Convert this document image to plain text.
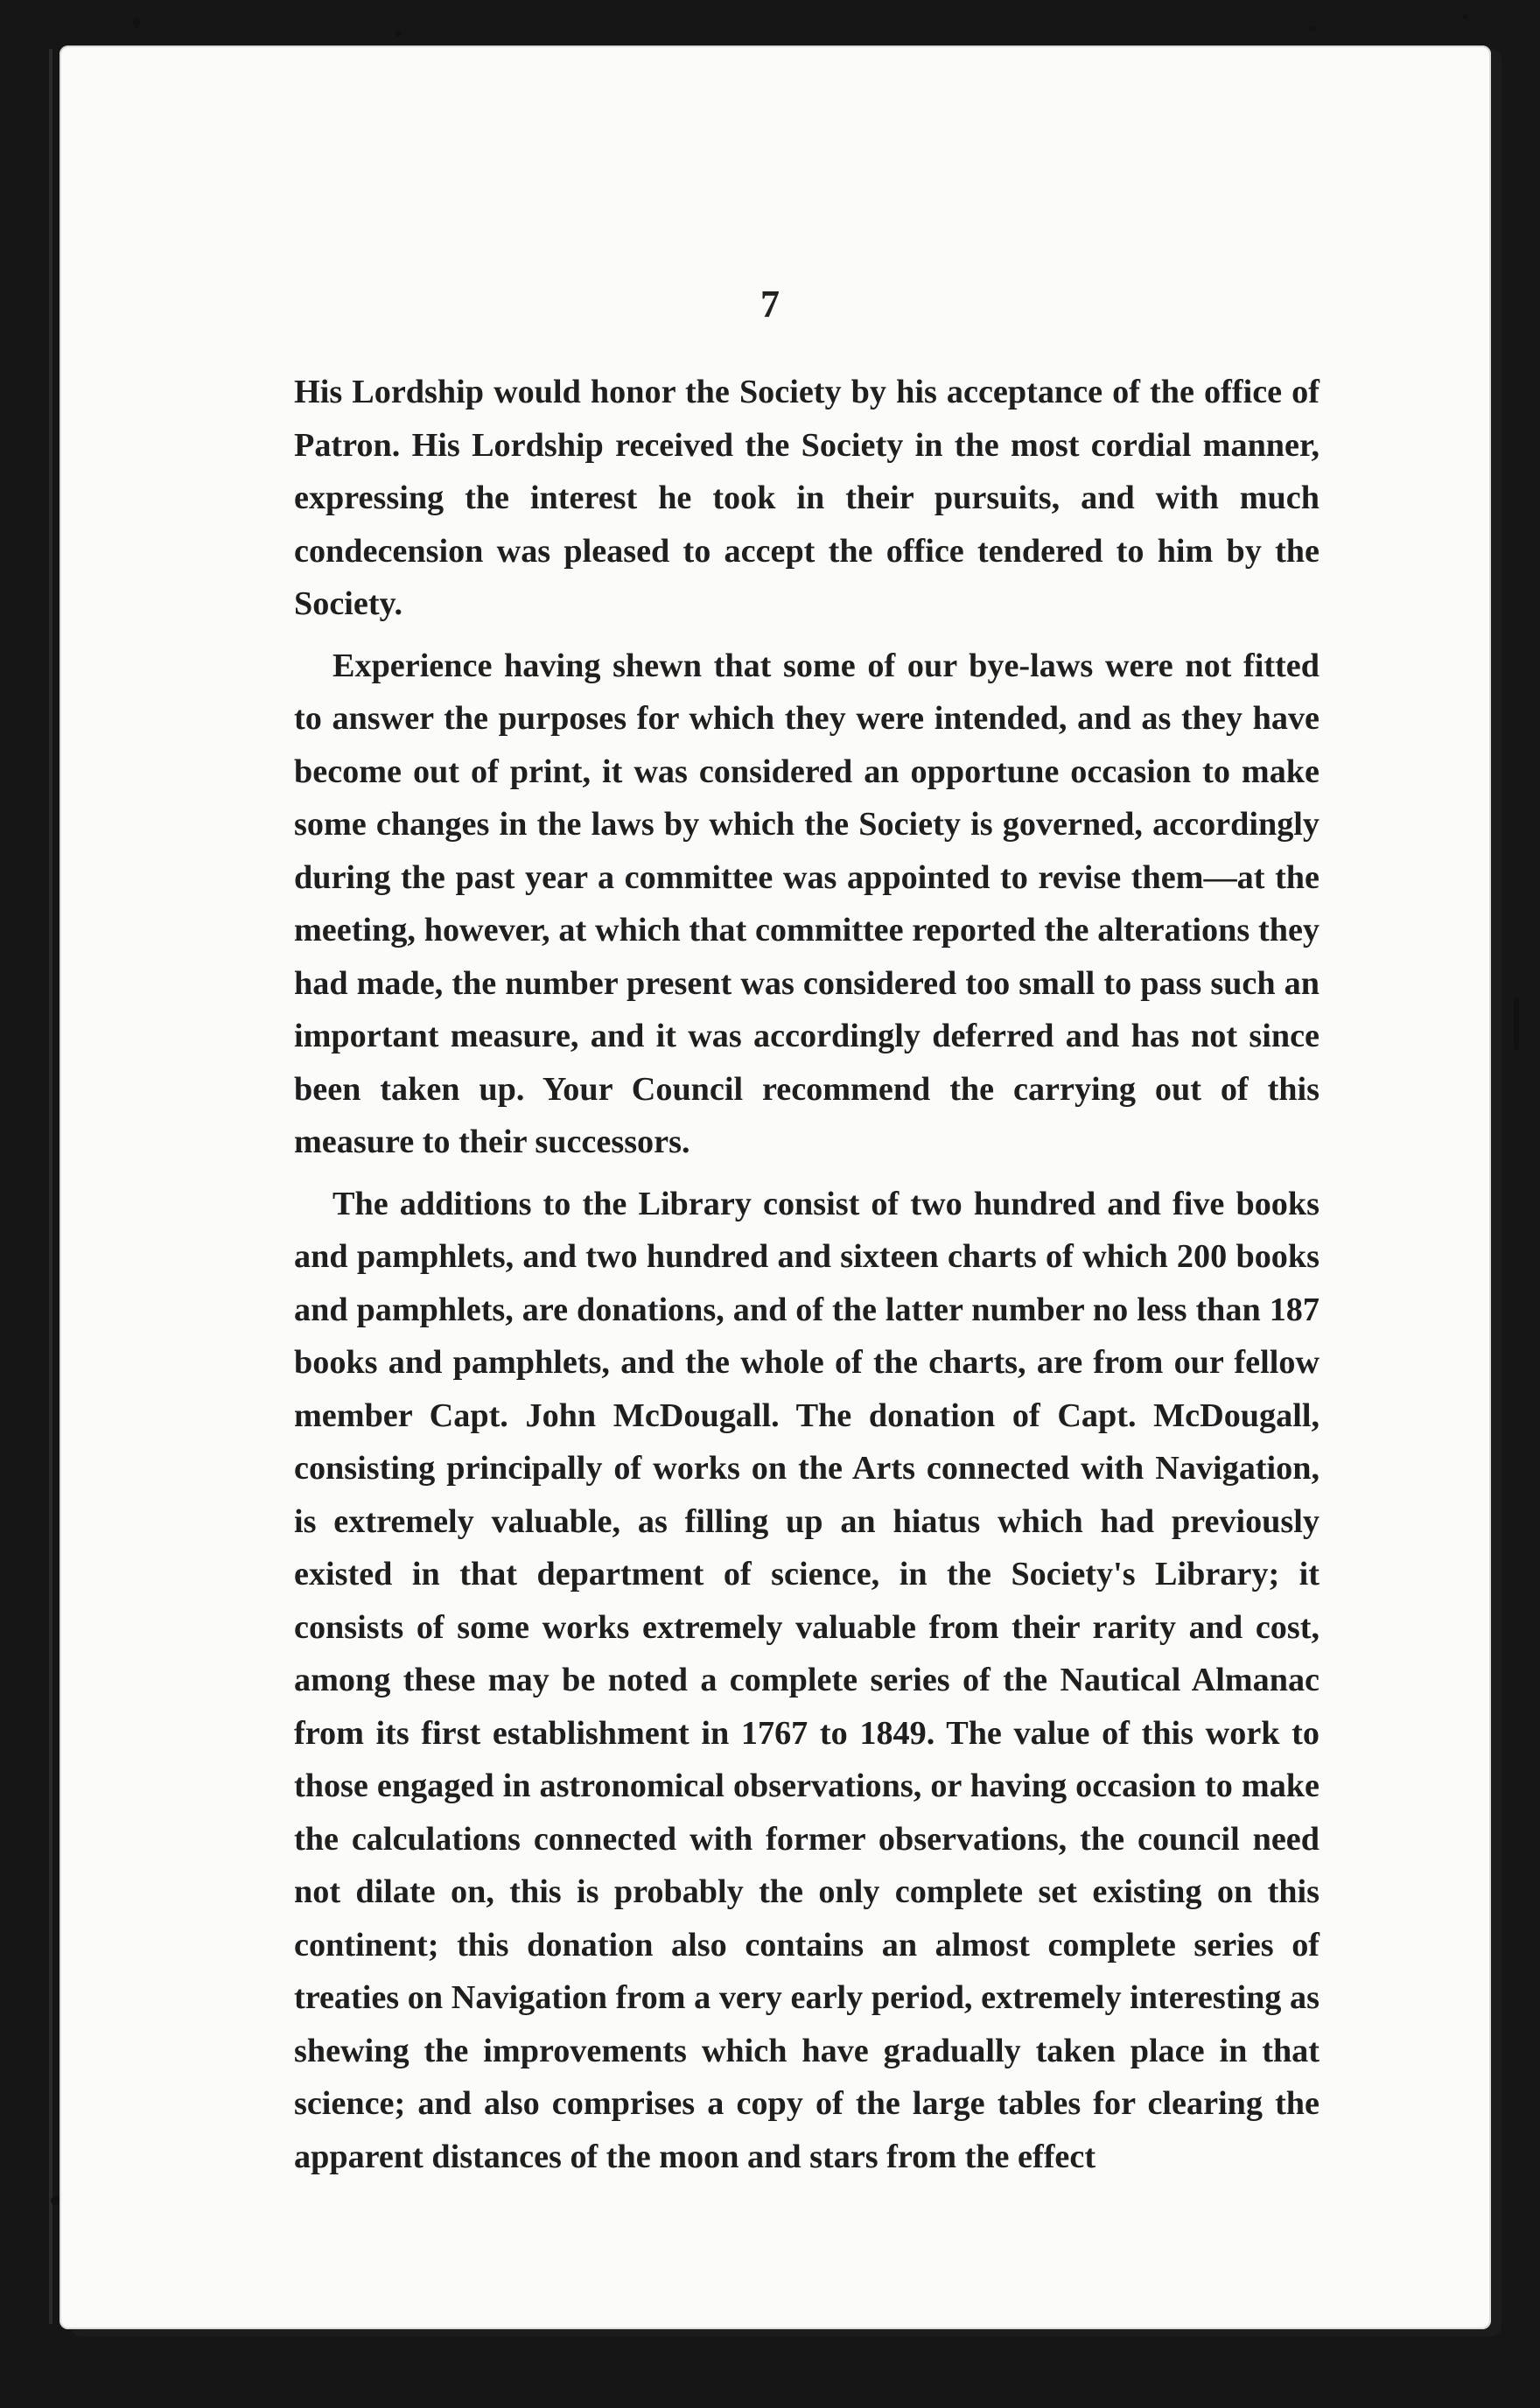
7

His Lordship would honor the Society by his acceptance of the office of Patron. His Lordship received the Society in the most cordial manner, expressing the interest he took in their pursuits, and with much condecension was pleased to accept the office tendered to him by the Society.

Experience having shewn that some of our bye-laws were not fitted to answer the purposes for which they were intended, and as they have become out of print, it was considered an opportune occasion to make some changes in the laws by which the Society is governed, accordingly during the past year a committee was appointed to revise them—at the meeting, however, at which that committee reported the alterations they had made, the number present was considered too small to pass such an important measure, and it was accordingly deferred and has not since been taken up. Your Council recommend the carrying out of this measure to their successors.

The additions to the Library consist of two hundred and five books and pamphlets, and two hundred and sixteen charts of which 200 books and pamphlets, are donations, and of the latter number no less than 187 books and pamphlets, and the whole of the charts, are from our fellow member Capt. John McDougall. The donation of Capt. McDougall, consisting principally of works on the Arts connected with Navigation, is extremely valuable, as filling up an hiatus which had previously existed in that department of science, in the Society's Library; it consists of some works extremely valuable from their rarity and cost, among these may be noted a complete series of the Nautical Almanac from its first establishment in 1767 to 1849. The value of this work to those engaged in astronomical observations, or having occasion to make the calculations connected with former observations, the council need not dilate on, this is probably the only complete set existing on this continent; this donation also contains an almost complete series of treaties on Navigation from a very early period, extremely interesting as shewing the improvements which have gradually taken place in that science; and also comprises a copy of the large tables for clearing the apparent distances of the moon and stars from the effect
